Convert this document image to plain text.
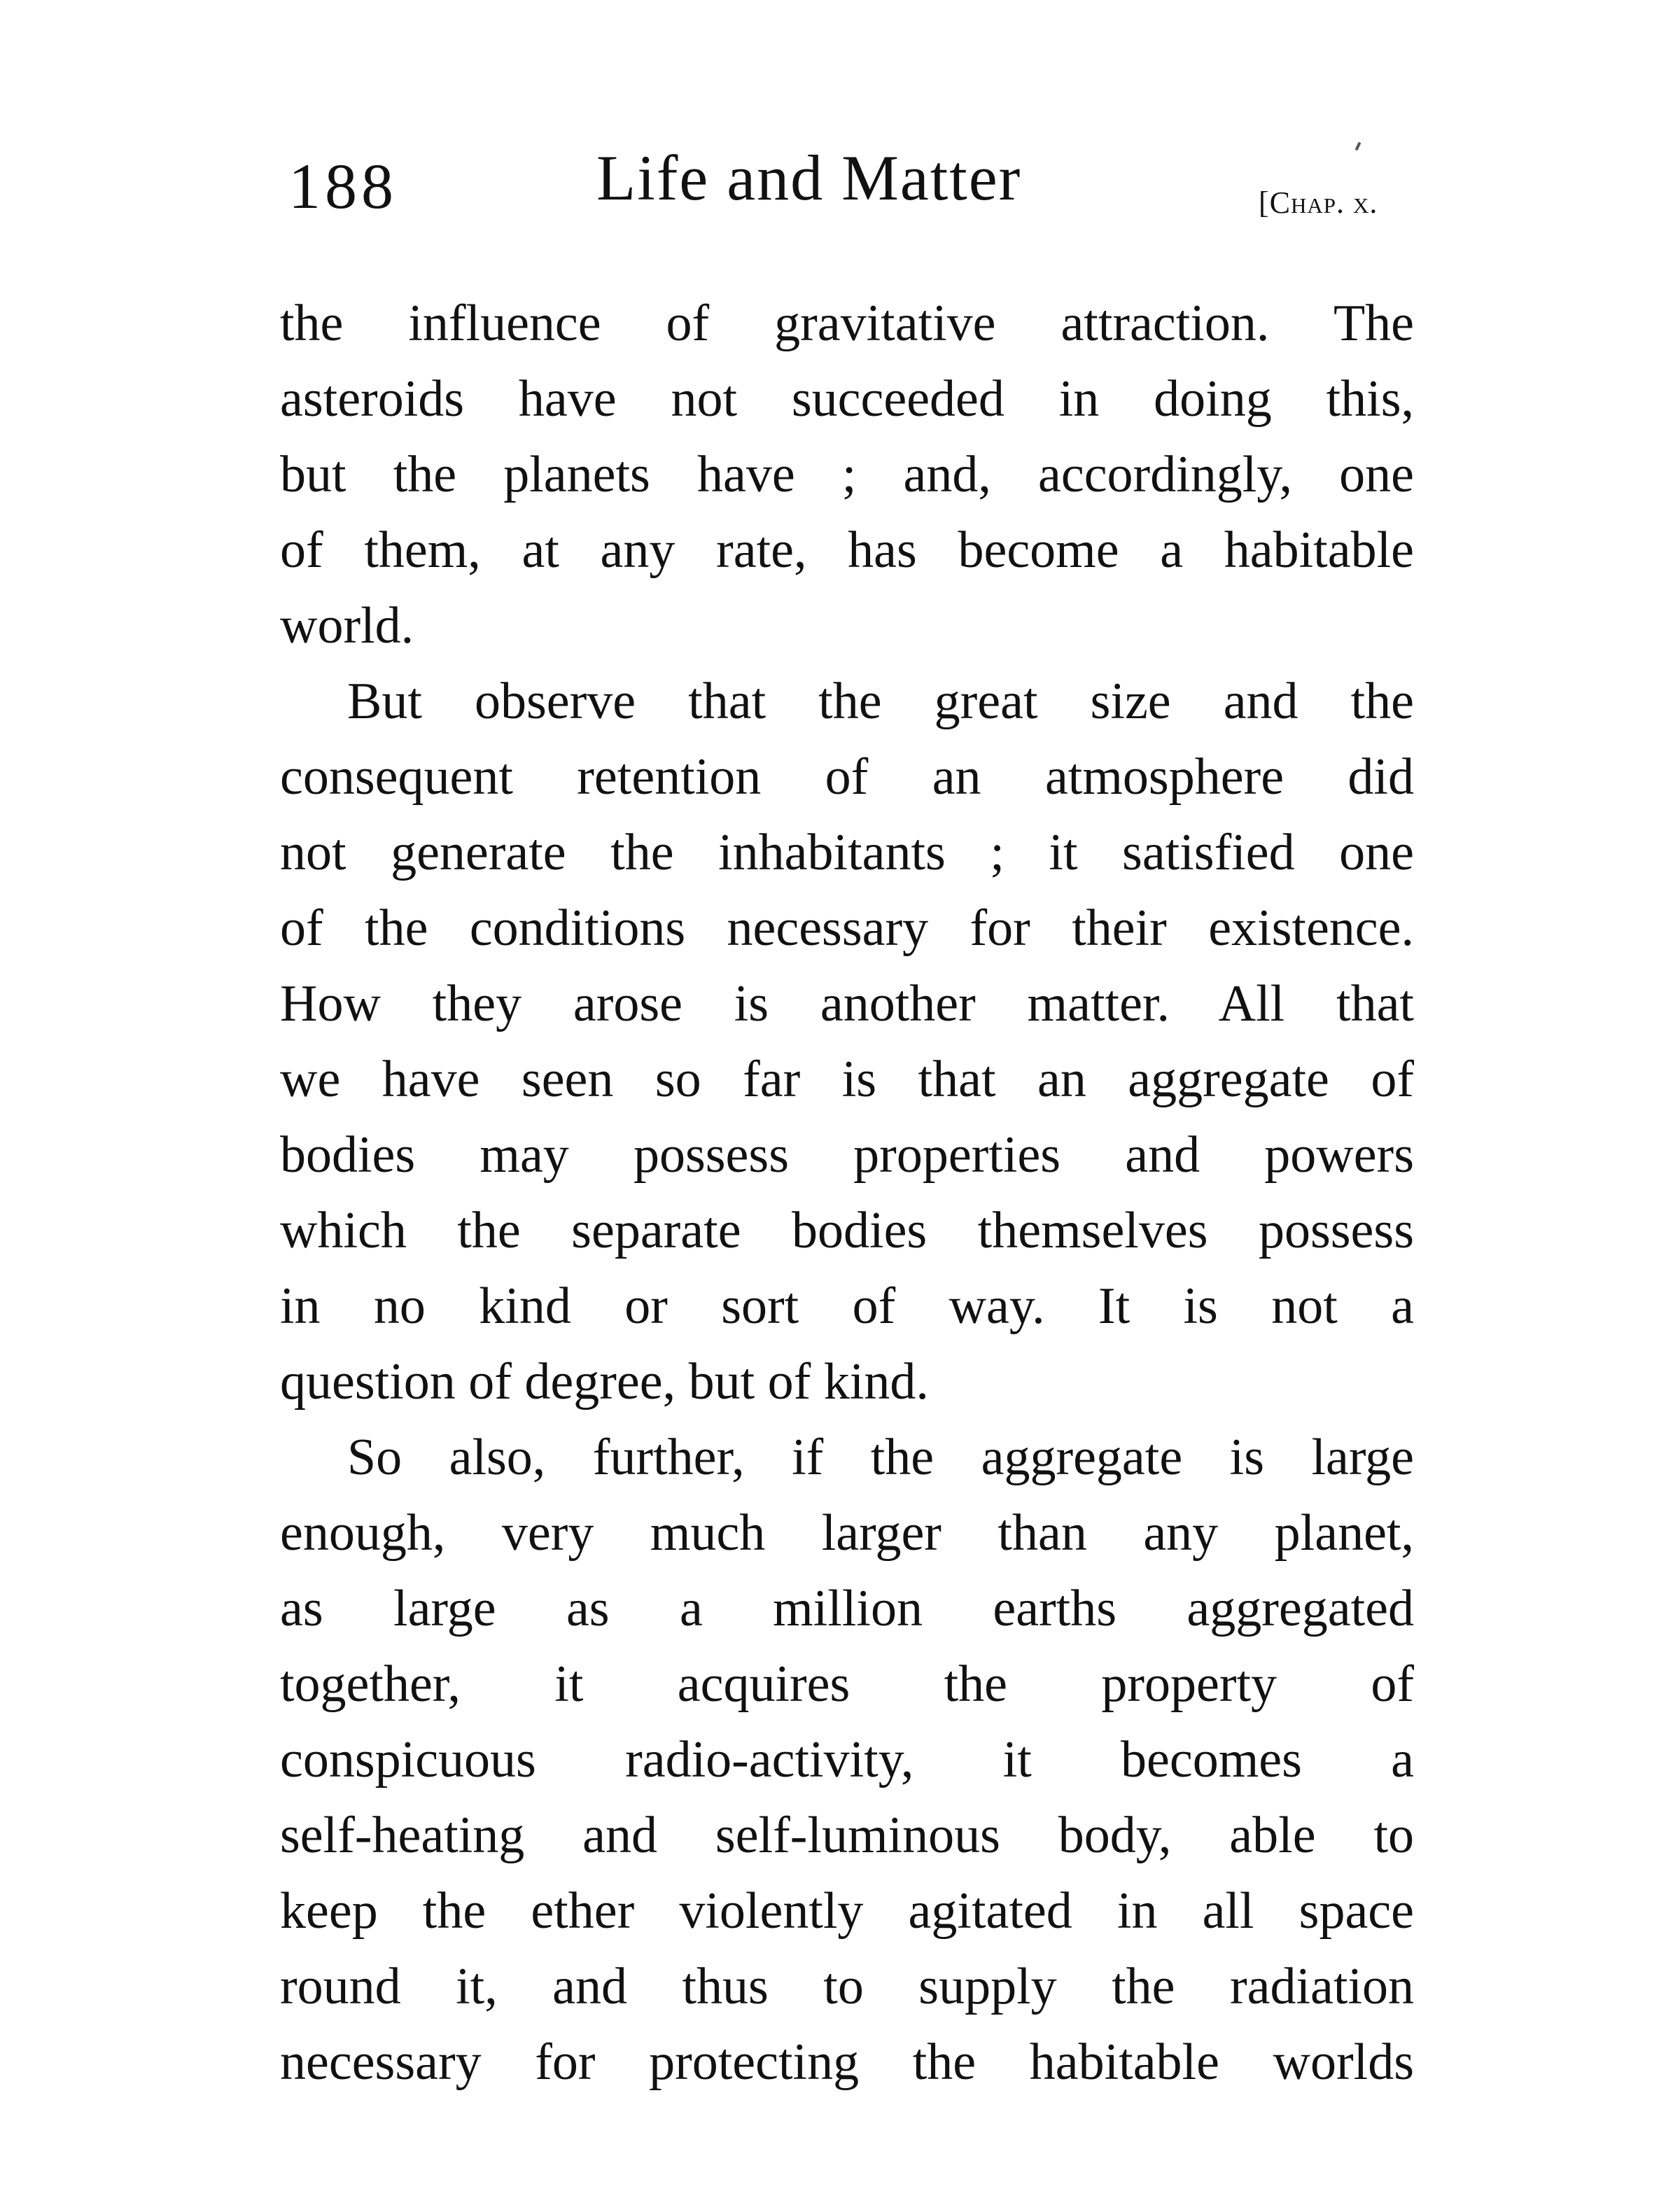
188	Life and Matter	[Chap. x.
the influence of gravitative attraction. The
asteroids have not succeeded in doing this,
but the planets have ; and, accordingly, one
of them, at any rate, has become a habitable
world.
But observe that the great size and the
consequent retention of an atmosphere did
not generate the inhabitants ; it satisfied one
of the conditions necessary for their existence.
How they arose is another matter. All that
we have seen so far is that an aggregate of
bodies may possess properties and powers
which the separate bodies themselves possess
in no kind or sort of way. It is not a
question of degree, but of kind.
So also, further, if the aggregate is large
enough, very much larger than any planet,
as large as a million earths aggregated
together, it acquires the property of
conspicuous radio-activity, it becomes a
self-heating and self-luminous body, able to
keep the ether violently agitated in all space
round it, and thus to supply the radiation
necessary for protecting the habitable worlds
